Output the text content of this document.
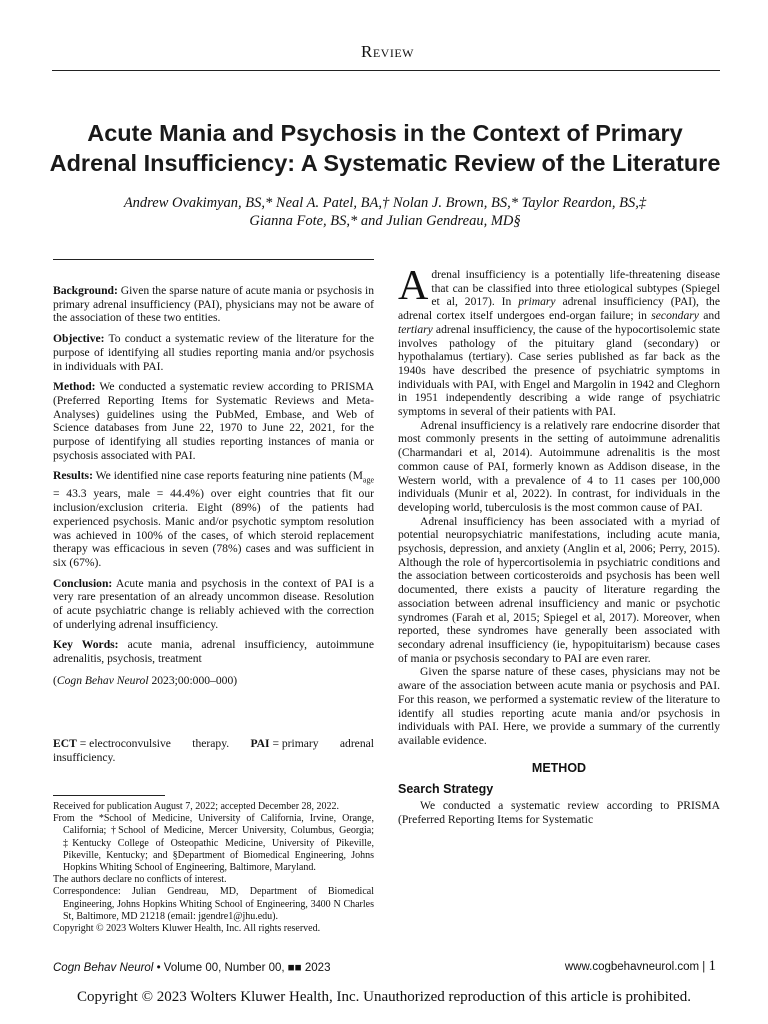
Review
Acute Mania and Psychosis in the Context of Primary
Adrenal Insufficiency: A Systematic Review of the Literature
Andrew Ovakimyan, BS,* Neal A. Patel, BA,† Nolan J. Brown, BS,* Taylor Reardon, BS,‡
Gianna Fote, BS,* and Julian Gendreau, MD§

Background: Given the sparse nature of acute mania or psychosis in primary adrenal insufficiency (PAI), physicians may not be aware of the association of these two entities.

Objective: To conduct a systematic review of the literature for the purpose of identifying all studies reporting mania and/or psychosis in individuals with PAI.

Method: We conducted a systematic review according to PRISMA (Preferred Reporting Items for Systematic Reviews and Meta-Analyses) guidelines using the PubMed, Embase, and Web of Science databases from June 22, 1970 to June 22, 2021, for the purpose of identifying all studies reporting instances of mania or psychosis associated with PAI.

Results: We identified nine case reports featuring nine patients ($M_{age} = 43.3$ years, male = 44.4%) over eight countries that fit our inclusion/exclusion criteria. Eight (89%) of the patients had experienced psychosis. Manic and/or psychotic symptom resolution was achieved in 100% of the cases, of which steroid replacement therapy was efficacious in seven (78%) cases and was sufficient in six (67%).

Conclusion: Acute mania and psychosis in the context of PAI is a very rare presentation of an already uncommon disease. Resolution of acute psychiatric change is reliably achieved with the correction of underlying adrenal insufficiency.

Key Words: acute mania, adrenal insufficiency, autoimmune adrenalitis, psychosis, treatment

(Cogn Behav Neurol 2023;00:000–000)

ECT = electroconvulsive therapy. PAI = primary adrenal
insufficiency.
Received for publication August 7, 2022; accepted December 28, 2022.
From the *School of Medicine, University of California, Irvine, Orange, California; †School of Medicine, Mercer University, Columbus, Georgia; ‡Kentucky College of Osteopathic Medicine, University of Pikeville, Pikeville, Kentucky; and §Department of Biomedical Engineering, Johns Hopkins Whiting School of Engineering, Baltimore, Maryland.
The authors declare no conflicts of interest.
Correspondence: Julian Gendreau, MD, Department of Biomedical Engineering, Johns Hopkins Whiting School of Engineering, 3400 N Charles St, Baltimore, MD 21218 (email: jgendre1@jhu.edu).
Copyright © 2023 Wolters Kluwer Health, Inc. All rights reserved.

Adrenal insufficiency is a potentially life-threatening disease that can be classified into three etiological subtypes (Spiegel et al, 2017). In primary adrenal insufficiency (PAI), the adrenal cortex itself undergoes end-organ failure; in secondary and tertiary adrenal insufficiency, the cause of the hypocortisolemic state involves pathology of the pituitary gland (secondary) or hypothalamus (tertiary). Case series published as far back as the 1940s have described the presence of psychiatric symptoms in individuals with PAI, with Engel and Margolin in 1942 and Cleghorn in 1951 independently describing a wide range of psychiatric symptoms in several of their patients with PAI.

Adrenal insufficiency is a relatively rare endocrine disorder that most commonly presents in the setting of autoimmune adrenalitis (Charmandari et al, 2014). Autoimmune adrenalitis is the most common cause of PAI, formerly known as Addison disease, in the Western world, with a prevalence of 4 to 11 cases per 100,000 individuals (Munir et al, 2022). In contrast, for individuals in the developing world, tuberculosis is the most common cause of PAI.

Adrenal insufficiency has been associated with a myriad of potential neuropsychiatric manifestations, including acute mania, psychosis, depression, and anxiety (Anglin et al, 2006; Perry, 2015). Although the role of hypercortisolemia in psychiatric conditions and the association between corticosteroids and psychosis has been well documented, there exists a paucity of literature regarding the association between adrenal insufficiency and manic or psychotic syndromes (Farah et al, 2015; Spiegel et al, 2017). Moreover, when reported, these syndromes have generally been associated with secondary adrenal insufficiency (ie, hypopituitarism) because cases of mania or psychosis secondary to PAI are even rarer.

Given the sparse nature of these cases, physicians may not be aware of the association between acute mania or psychosis and PAI. For this reason, we performed a systematic review of the literature to identify all studies reporting acute mania and/or psychosis in individuals with PAI. Here, we provide a summary of the currently available evidence.

METHOD
Search Strategy

We conducted a systematic review according to PRISMA (Preferred Reporting Items for Systematic

Cogn Behav Neurol • Volume 00, Number 00, ■■ 2023	www.cogbehavneurol.com | 1
Copyright © 2023 Wolters Kluwer Health, Inc. Unauthorized reproduction of this article is prohibited.
